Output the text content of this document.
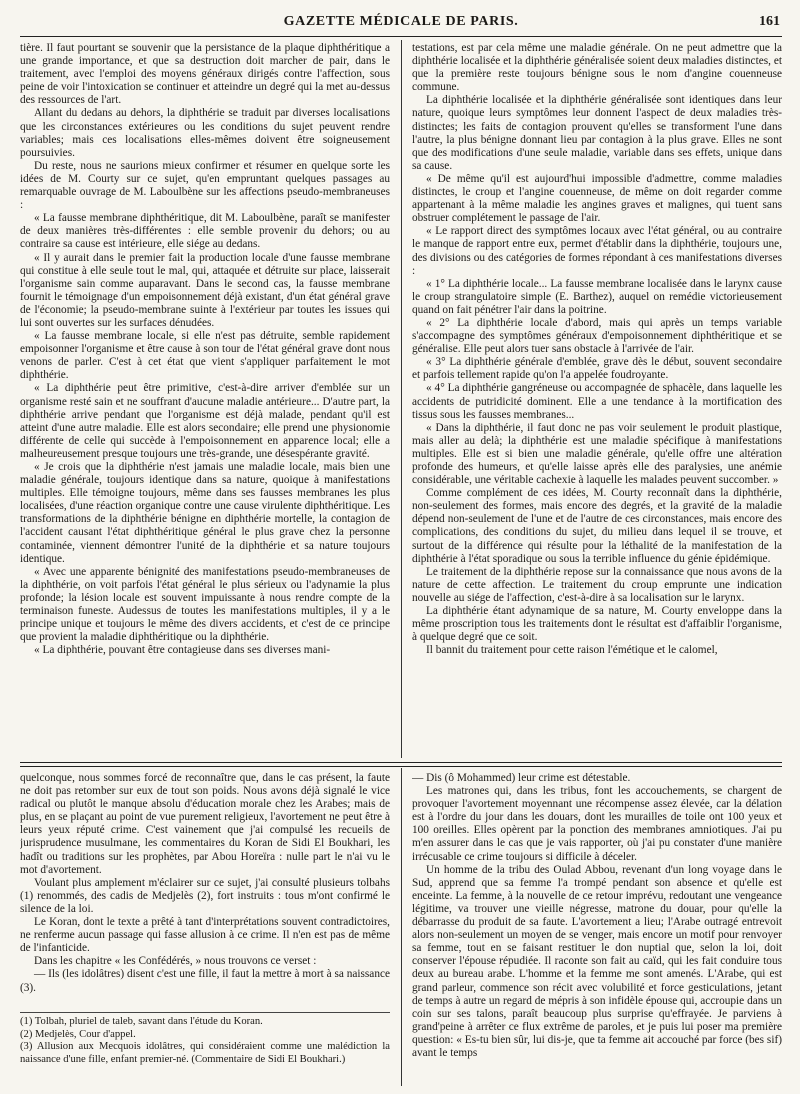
GAZETTE MÉDICALE DE PARIS.	161

tière. Il faut pourtant se souvenir que la persistance de la plaque diphthéritique a une grande importance, et que sa destruction doit marcher de pair, dans le traitement, avec l'emploi des moyens généraux dirigés contre l'affection, sous peine de voir l'intoxication se continuer et atteindre un degré qui la met au-dessus des ressources de l'art.

Allant du dedans au dehors, la diphthérie se traduit par diverses localisations que les circonstances extérieures ou les conditions du sujet peuvent rendre variables; mais ces localisations elles-mêmes doivent être soigneusement poursuivies.

Du reste, nous ne saurions mieux confirmer et résumer en quelque sorte les idées de M. Courty sur ce sujet, qu'en empruntant quelques passages au remarquable ouvrage de M. Laboulbène sur les affections pseudo-membraneuses :

« La fausse membrane diphthéritique, dit M. Laboulbène, paraît se manifester de deux manières très-différentes : elle semble provenir du dehors; ou au contraire sa cause est intérieure, elle siége au dedans.

« Il y aurait dans le premier fait la production locale d'une fausse membrane qui constitue à elle seule tout le mal, qui, attaquée et détruite sur place, laisserait l'organisme sain comme auparavant. Dans le second cas, la fausse membrane fournit le témoignage d'un empoisonnement déjà existant, d'un état général grave de l'économie; la pseudo-membrane suinte à l'extérieur par toutes les issues qui lui sont ouvertes sur les surfaces dénudées.

« La fausse membrane locale, si elle n'est pas détruite, semble rapidement empoisonner l'organisme et être cause à son tour de l'état général grave dont nous venons de parler. C'est à cet état que vient s'appliquer parfaitement le mot diphthérie.

« La diphthérie peut être primitive, c'est-à-dire arriver d'emblée sur un organisme resté sain et ne souffrant d'aucune maladie antérieure... D'autre part, la diphthérie arrive pendant que l'organisme est déjà malade, pendant qu'il est atteint d'une autre maladie. Elle est alors secondaire; elle prend une physionomie différente de celle qui succède à l'empoisonnement en apparence local; elle a malheureusement presque toujours une très-grande, une désespérante gravité.

« Je crois que la diphthérie n'est jamais une maladie locale, mais bien une maladie générale, toujours identique dans sa nature, quoique à manifestations multiples. Elle témoigne toujours, même dans ses fausses membranes les plus localisées, d'une réaction organique contre une cause virulente diphthéritique. Les transformations de la diphthérie bénigne en diphthérie mortelle, la contagion de l'accident causant l'état diphthéritique général le plus grave chez la personne contaminée, viennent démontrer l'unité de la diphthérie et sa nature toujours identique.

« Avec une apparente bénignité des manifestations pseudo-membraneuses de la diphthérie, on voit parfois l'état général le plus sérieux ou l'adynamie la plus profonde; la lésion locale est souvent impuissante à nous rendre compte de la terminaison funeste. Audessus de toutes les manifestations multiples, il y a le principe unique et toujours le même des divers accidents, et c'est de ce principe que provient la maladie diphthéritique ou la diphthérie.

« La diphthérie, pouvant être contagieuse dans ses diverses mani-

testations, est par cela même une maladie générale. On ne peut admettre que la diphthérie localisée et la diphthérie généralisée soient deux maladies distinctes, et que la première reste toujours bénigne sous le nom d'angine couenneuse commune.

La diphthérie localisée et la diphthérie généralisée sont identiques dans leur nature, quoique leurs symptômes leur donnent l'aspect de deux maladies très-distinctes; les faits de contagion prouvent qu'elles se transforment l'une dans l'autre, la plus bénigne donnant lieu par contagion à la plus grave. Elles ne sont que des modifications d'une seule maladie, variable dans ses effets, unique dans sa cause.

« De même qu'il est aujourd'hui impossible d'admettre, comme maladies distinctes, le croup et l'angine couenneuse, de même on doit regarder comme appartenant à la même maladie les angines graves et malignes, qui tuent sans obstruer complétement le passage de l'air.

« Le rapport direct des symptômes locaux avec l'état général, ou au contraire le manque de rapport entre eux, permet d'établir dans la diphthérie, toujours une, des divisions ou des catégories de formes répondant à ces manifestations diverses :

« 1° La diphthérie locale... La fausse membrane localisée dans le larynx cause le croup strangulatoire simple (E. Barthez), auquel on remédie victorieusement quand on fait pénétrer l'air dans la poitrine.

« 2° La diphthérie locale d'abord, mais qui après un temps variable s'accompagne des symptômes généraux d'empoisonnement diphthéritique et se généralise. Elle peut alors tuer sans obstacle à l'arrivée de l'air.

« 3° La diphthérie générale d'emblée, grave dès le début, souvent secondaire et parfois tellement rapide qu'on l'a appelée foudroyante.

« 4° La diphthérie gangréneuse ou accompagnée de sphacèle, dans laquelle les accidents de putridicité dominent. Elle a une tendance à la mortification des tissus sous les fausses membranes...

« Dans la diphthérie, il faut donc ne pas voir seulement le produit plastique, mais aller au delà; la diphthérie est une maladie spécifique à manifestations multiples. Elle est si bien une maladie générale, qu'elle offre une altération profonde des humeurs, et qu'elle laisse après elle des paralysies, une anémie considérable, une véritable cachexie à laquelle les malades peuvent succomber. »

Comme complément de ces idées, M. Courty reconnaît dans la diphthérie, non-seulement des formes, mais encore des degrés, et la gravité de la maladie dépend non-seulement de l'une et de l'autre de ces circonstances, mais encore des complications, des conditions du sujet, du milieu dans lequel il se trouve, et surtout de la différence qui résulte pour la léthalité de la manifestation de la diphthérie à l'état sporadique ou sous la terrible influence du génie épidémique.

Le traitement de la diphthérie repose sur la connaissance que nous avons de la nature de cette affection. Le traitement du croup emprunte une indication nouvelle au siége de l'affection, c'est-à-dire à sa localisation sur le larynx.

La diphthérie étant adynamique de sa nature, M. Courty enveloppe dans la même proscription tous les traitements dont le résultat est d'affaiblir l'organisme, à quelque degré que ce soit.

Il bannit du traitement pour cette raison l'émétique et le calomel,

quelconque, nous sommes forcé de reconnaître que, dans le cas présent, la faute ne doit pas retomber sur eux de tout son poids. Nous avons déjà signalé le vice radical ou plutôt le manque absolu d'éducation morale chez les Arabes; mais de plus, en se plaçant au point de vue purement religieux, l'avortement ne peut être à leurs yeux réputé crime. C'est vainement que j'ai compulsé les recueils de jurisprudence musulmane, les commentaires du Koran de Sidi El Boukhari, les hadît ou traditions sur les prophètes, par Abou Horeïra : nulle part le n'ai vu le mot d'avortement.

Voulant plus amplement m'éclairer sur ce sujet, j'ai consulté plusieurs tolbahs (1) renommés, des cadis de Medjelès (2), fort instruits : tous m'ont confirmé le silence de la loi.

Le Koran, dont le texte a prêté à tant d'interprétations souvent contradictoires, ne renferme aucun passage qui fasse allusion à ce crime. Il n'en est pas de même de l'infanticide.

Dans les chapitre « les Confédérés, » nous trouvons ce verset :

— Ils (les idolâtres) disent c'est une fille, il faut la mettre à mort à sa naissance (3).

(1) Tolbah, pluriel de taleb, savant dans l'étude du Koran.

(2) Medjelès, Cour d'appel.

(3) Allusion aux Mecquois idolâtres, qui considéraient comme une malédiction la naissance d'une fille, enfant premier-né. (Commentaire de Sidi El Boukhari.)

— Dis (ô Mohammed) leur crime est détestable.

Les matrones qui, dans les tribus, font les accouchements, se chargent de provoquer l'avortement moyennant une récompense assez élevée, car la délation est à l'ordre du jour dans les douars, dont les murailles de toile ont 100 yeux et 100 oreilles. Elles opèrent par la ponction des membranes amniotiques. J'ai pu m'en assurer dans le cas que je vais rapporter, où j'ai pu constater d'une manière irrécusable ce crime toujours si difficile à déceler.

Un homme de la tribu des Oulad Abbou, revenant d'un long voyage dans le Sud, apprend que sa femme l'a trompé pendant son absence et qu'elle est enceinte. La femme, à la nouvelle de ce retour imprévu, redoutant une vengeance légitime, va trouver une vieille négresse, matrone du douar, pour qu'elle la débarrasse du produit de sa faute. L'avortement a lieu; l'Arabe outragé entrevoit alors non-seulement un moyen de se venger, mais encore un motif pour renvoyer sa femme, tout en se faisant restituer le don nuptial que, selon la loi, doit conserver l'épouse répudiée. Il raconte son fait au caïd, qui les fait conduire tous deux au bureau arabe. L'homme et la femme me sont amenés. L'Arabe, qui est grand parleur, commence son récit avec volubilité et force gesticulations, jetant de temps à autre un regard de mépris à son infidèle épouse qui, accroupie dans un coin sur ses talons, paraît beaucoup plus surprise qu'effrayée. Je parviens à grand'peine à arrêter ce flux extrême de paroles, et je puis lui poser ma première question: « Es-tu bien sûr, lui dis-je, que ta femme ait accouché par force (bes sif) avant le temps
